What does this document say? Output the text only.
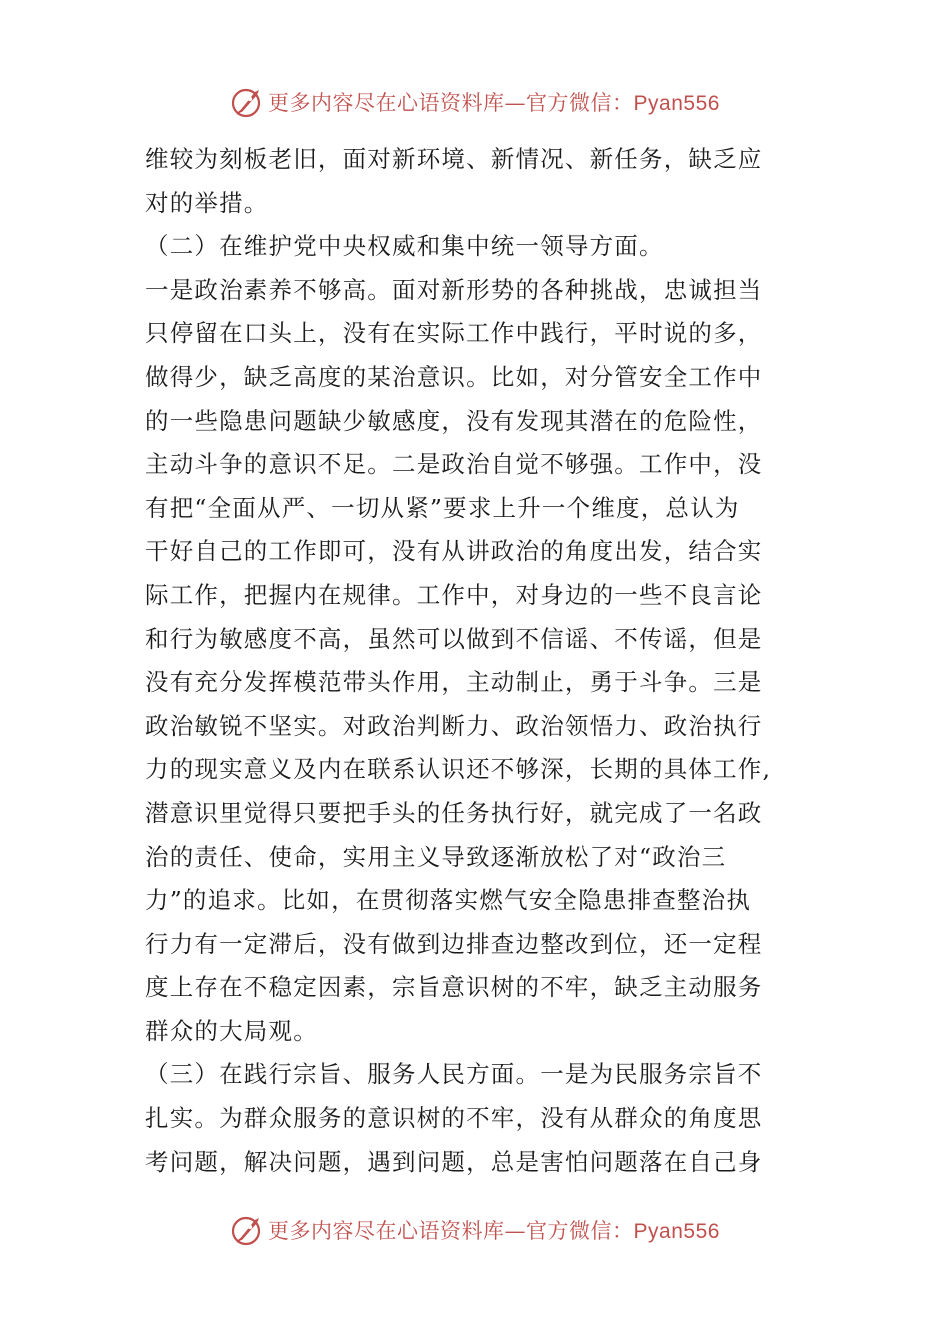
更多内容尽在心语资料库—官方微信：Pyan556
维较为刻板老旧，面对新环境、新情况、新任务，缺乏应
对的举措。
（二）在维护党中央权威和集中统一领导方面。
一是政治素养不够高。面对新形势的各种挑战，忠诚担当
只停留在口头上，没有在实际工作中践行，平时说的多，
做得少，缺乏高度的某治意识。比如，对分管安全工作中
的一些隐患问题缺少敏感度，没有发现其潜在的危险性，
主动斗争的意识不足。二是政治自觉不够强。工作中，没
有把“全面从严、一切从紧”要求上升一个维度，总认为
干好自己的工作即可，没有从讲政治的角度出发，结合实
际工作，把握内在规律。工作中，对身边的一些不良言论
和行为敏感度不高，虽然可以做到不信谣、不传谣，但是
没有充分发挥模范带头作用，主动制止，勇于斗争。三是
政治敏锐不坚实。对政治判断力、政治领悟力、政治执行
力的现实意义及内在联系认识还不够深，长期的具体工作,
潜意识里觉得只要把手头的任务执行好，就完成了一名政
治的责任、使命，实用主义导致逐渐放松了对“政治三
力”的追求。比如，在贯彻落实燃气安全隐患排查整治执
行力有一定滞后，没有做到边排查边整改到位，还一定程
度上存在不稳定因素，宗旨意识树的不牢，缺乏主动服务
群众的大局观。
（三）在践行宗旨、服务人民方面。一是为民服务宗旨不
扎实。为群众服务的意识树的不牢，没有从群众的角度思
考问题，解决问题，遇到问题，总是害怕问题落在自己身
更多内容尽在心语资料库—官方微信：Pyan556
